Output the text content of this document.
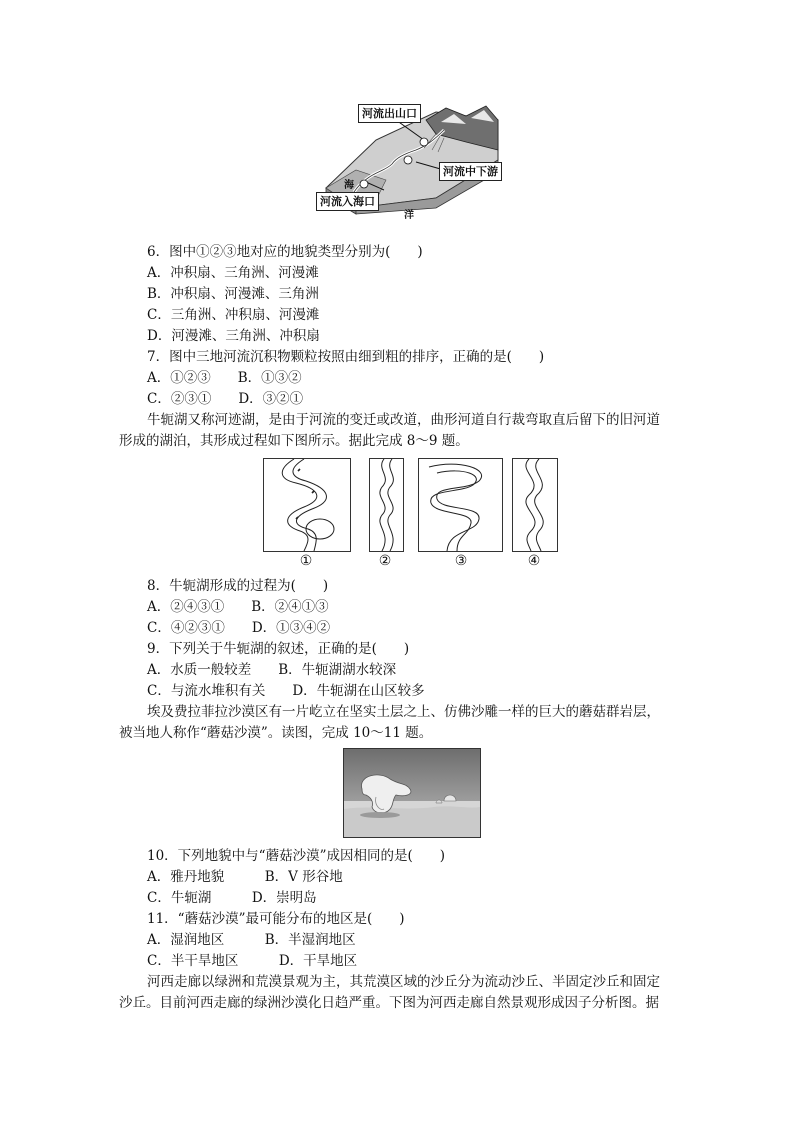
河流出山口
河流中下游
河流入海口
海
洋
6．图中①②③地对应的地貌类型分别为(　　)
A．冲积扇、三角洲、河漫滩
B．冲积扇、河漫滩、三角洲
C．三角洲、冲积扇、河漫滩
D．河漫滩、三角洲、冲积扇
7．图中三地河流沉积物颗粒按照由细到粗的排序，正确的是(　　)
A．①②③　　B．①③②
C．②③①　　D．③②①
牛轭湖又称河迹湖，是由于河流的变迁或改道，曲形河道自行裁弯取直后留下的旧河道
形成的湖泊，其形成过程如下图所示。据此完成 8～9 题。
①	②	③	④
8．牛轭湖形成的过程为(　　)
A．②④③①　　B．②④①③
C．④②③①　　D．①③④②
9．下列关于牛轭湖的叙述，正确的是(　　)
A．水质一般较差　　B．牛轭湖湖水较深
C．与流水堆积有关　　D．牛轭湖在山区较多
埃及费拉菲拉沙漠区有一片屹立在坚实土层之上、仿佛沙雕一样的巨大的蘑菇群岩层，
被当地人称作“蘑菇沙漠”。读图，完成 10～11 题。
10．下列地貌中与“蘑菇沙漠”成因相同的是(　　)
A．雅丹地貌　　　B．V 形谷地
C．牛轭湖　　　D．崇明岛
11．“蘑菇沙漠”最可能分布的地区是(　　)
A．湿润地区　　　B．半湿润地区
C．半干旱地区　　　D．干旱地区
河西走廊以绿洲和荒漠景观为主，其荒漠区域的沙丘分为流动沙丘、半固定沙丘和固定
沙丘。目前河西走廊的绿洲沙漠化日趋严重。下图为河西走廊自然景观形成因子分析图。据
